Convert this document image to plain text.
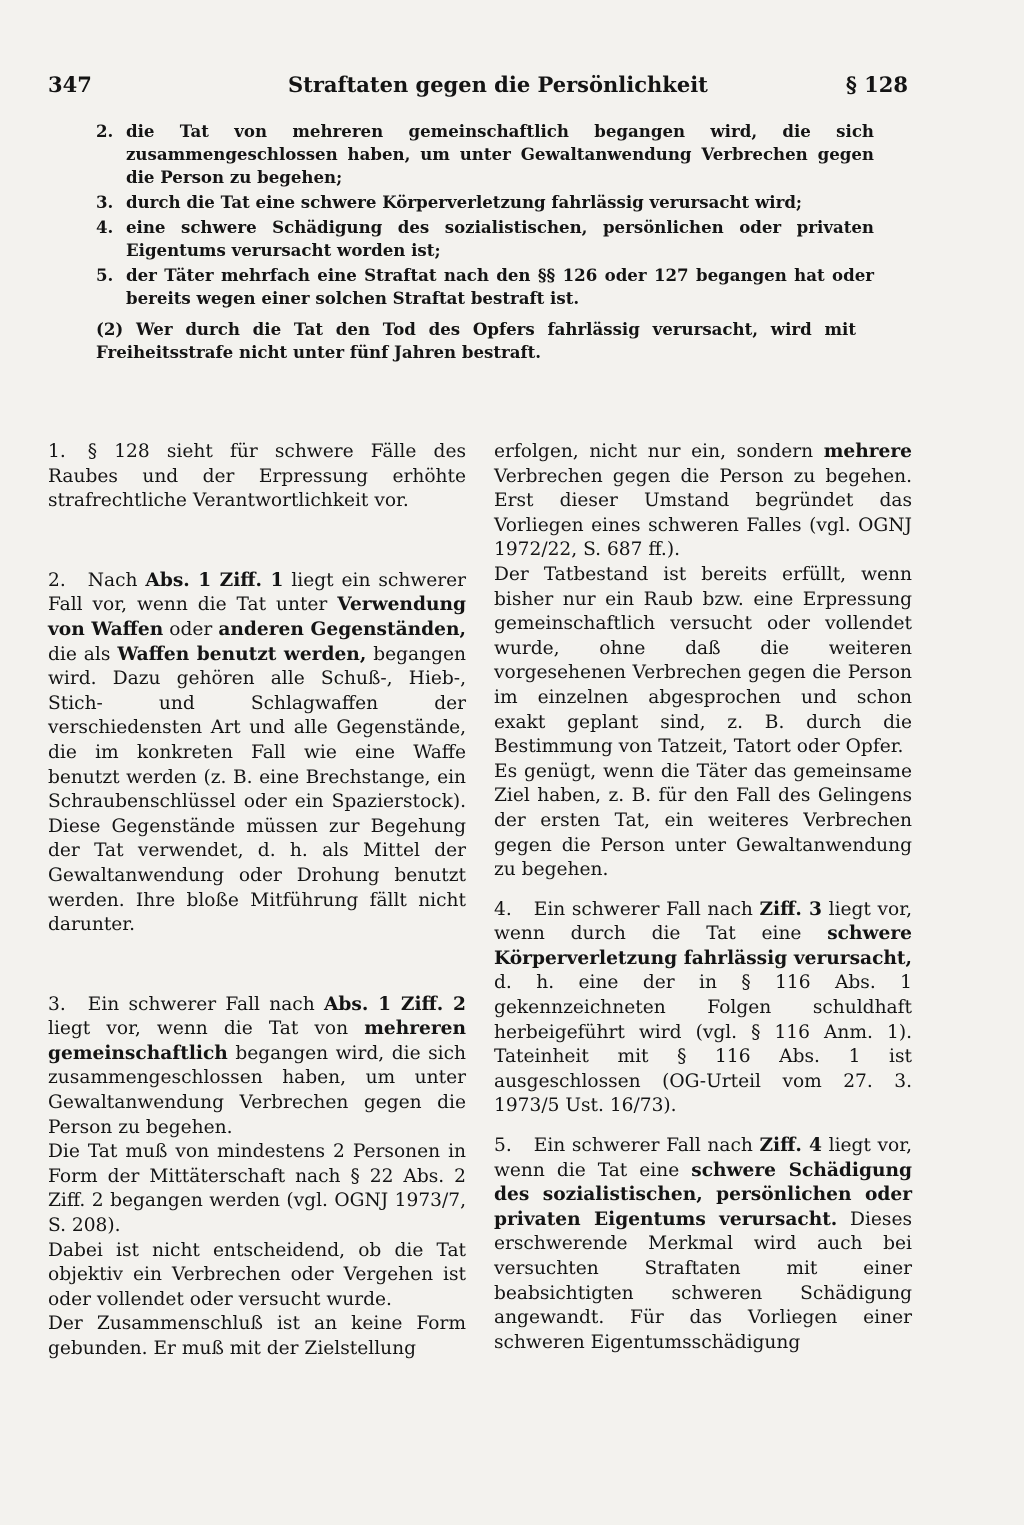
347	Straftaten gegen die Persönlichkeit	§ 128
2. die Tat von mehreren gemeinschaftlich begangen wird, die sich zusammengeschlossen haben, um unter Gewaltanwendung Verbrechen gegen die Person zu begehen;
3. durch die Tat eine schwere Körperverletzung fahrlässig verursacht wird;
4. eine schwere Schädigung des sozialistischen, persönlichen oder privaten Eigentums verursacht worden ist;
5. der Täter mehrfach eine Straftat nach den §§ 126 oder 127 begangen hat oder bereits wegen einer solchen Straftat bestraft ist.
(2) Wer durch die Tat den Tod des Opfers fahrlässig verursacht, wird mit Freiheitsstrafe nicht unter fünf Jahren bestraft.

1. § 128 sieht für schwere Fälle des Raubes und der Erpressung erhöhte strafrechtliche Verantwortlichkeit vor.

2. Nach Abs. 1 Ziff. 1 liegt ein schwerer Fall vor, wenn die Tat unter Verwendung von Waffen oder anderen Gegenständen, die als Waffen benutzt werden, begangen wird. Dazu gehören alle Schuß-, Hieb-, Stich- und Schlagwaffen der verschiedensten Art und alle Gegenstände, die im konkreten Fall wie eine Waffe benutzt werden (z. B. eine Brechstange, ein Schraubenschlüssel oder ein Spazierstock). Diese Gegenstände müssen zur Begehung der Tat verwendet, d. h. als Mittel der Gewaltanwendung oder Drohung benutzt werden. Ihre bloße Mitführung fällt nicht darunter.

3. Ein schwerer Fall nach Abs. 1 Ziff. 2 liegt vor, wenn die Tat von mehreren gemeinschaftlich begangen wird, die sich zusammengeschlossen haben, um unter Gewaltanwendung Verbrechen gegen die Person zu begehen.

Die Tat muß von mindestens 2 Personen in Form der Mittäterschaft nach § 22 Abs. 2 Ziff. 2 begangen werden (vgl. OGNJ 1973/7, S. 208).

Dabei ist nicht entscheidend, ob die Tat objektiv ein Verbrechen oder Vergehen ist oder vollendet oder versucht wurde.

Der Zusammenschluß ist an keine Form gebunden. Er muß mit der Zielstellung

erfolgen, nicht nur ein, sondern mehrere Verbrechen gegen die Person zu begehen. Erst dieser Umstand begründet das Vorliegen eines schweren Falles (vgl. OGNJ 1972/22, S. 687 ff.).

Der Tatbestand ist bereits erfüllt, wenn bisher nur ein Raub bzw. eine Erpressung gemeinschaftlich versucht oder vollendet wurde, ohne daß die weiteren vorgesehenen Verbrechen gegen die Person im einzelnen abgesprochen und schon exakt geplant sind, z. B. durch die Bestimmung von Tatzeit, Tatort oder Opfer.

Es genügt, wenn die Täter das gemeinsame Ziel haben, z. B. für den Fall des Gelingens der ersten Tat, ein weiteres Verbrechen gegen die Person unter Gewaltanwendung zu begehen.

4. Ein schwerer Fall nach Ziff. 3 liegt vor, wenn durch die Tat eine schwere Körperverletzung fahrlässig verursacht, d. h. eine der in § 116 Abs. 1 gekennzeichneten Folgen schuldhaft herbeigeführt wird (vgl. § 116 Anm. 1). Tateinheit mit § 116 Abs. 1 ist ausgeschlossen (OG-Urteil vom 27. 3. 1973/5 Ust. 16/73).

5. Ein schwerer Fall nach Ziff. 4 liegt vor, wenn die Tat eine schwere Schädigung des sozialistischen, persönlichen oder privaten Eigentums verursacht. Dieses erschwerende Merkmal wird auch bei versuchten Straftaten mit einer beabsichtigten schweren Schädigung angewandt. Für das Vorliegen einer schweren Eigentumsschädigung
